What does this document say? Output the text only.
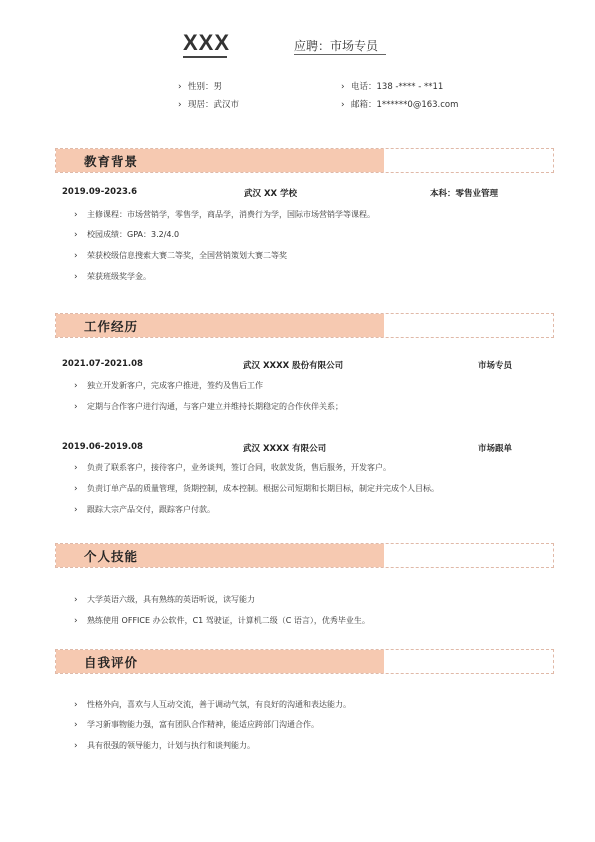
XXX	应聘：市场专员
› 性别：男	› 电话：138 -**** - **11
› 现居：武汉市	› 邮箱：1******0@163.com
教育背景
2019.09-2023.6	武汉 XX 学校	本科：零售业管理
› 主修课程：市场营销学，零售学，商品学，消费行为学，国际市场营销学等课程。
› 校园成绩：GPA：3.2/4.0
› 荣获校级信息搜索大赛二等奖，全国营销策划大赛二等奖
› 荣获班级奖学金。
工作经历
2021.07-2021.08	武汉 XXXX 股份有限公司	市场专员
› 独立开发新客户，完成客户推进，签约及售后工作
› 定期与合作客户进行沟通，与客户建立并维持长期稳定的合作伙伴关系；
2019.06-2019.08	武汉 XXXX 有限公司	市场跟单
› 负责了联系客户，接待客户，业务谈判，签订合同，收款发货，售后服务，开发客户。
› 负责订单产品的质量管理，货期控制，成本控制。根据公司短期和长期目标，制定并完成个人目标。
› 跟踪大宗产品交付，跟踪客户付款。
个人技能
› 大学英语六级，具有熟练的英语听说，读写能力
› 熟练使用 OFFICE 办公软件，C1 驾驶证，计算机二级（C 语言），优秀毕业生。
自我评价
› 性格外向，喜欢与人互动交流，善于调动气氛，有良好的沟通和表达能力。
› 学习新事物能力强，富有团队合作精神，能适应跨部门沟通合作。
› 具有很强的领导能力，计划与执行和谈判能力。
